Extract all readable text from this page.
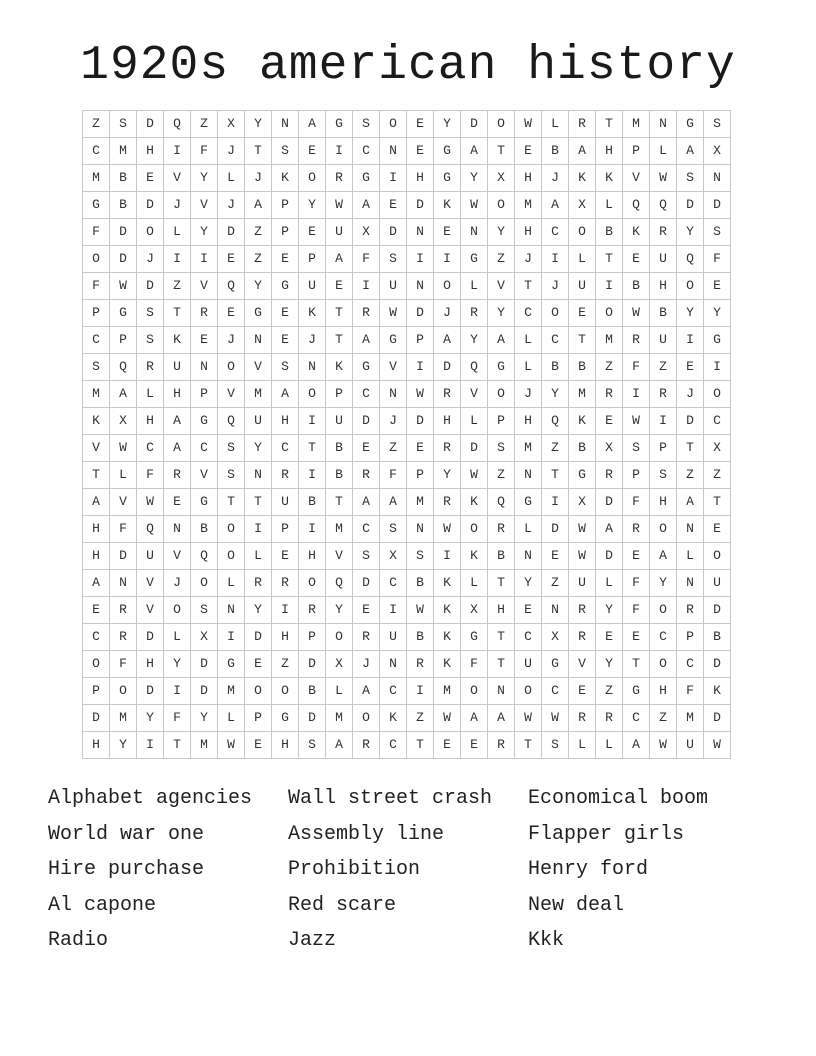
1920s american history
Z	S	D	Q	Z	X	Y	N	A	G	S	O	E	Y	D	O	W	L	R	T	M	N	G	S
C	M	H	I	F	J	T	S	E	I	C	N	E	G	A	T	E	B	A	H	P	L	A	X
M	B	E	V	Y	L	J	K	O	R	G	I	H	G	Y	X	H	J	K	K	V	W	S	N
G	B	D	J	V	J	A	P	Y	W	A	E	D	K	W	O	M	A	X	L	Q	Q	D	D
F	D	O	L	Y	D	Z	P	E	U	X	D	N	E	N	Y	H	C	O	B	K	R	Y	S
O	D	J	I	I	E	Z	E	P	A	F	S	I	I	G	Z	J	I	L	T	E	U	Q	F
F	W	D	Z	V	Q	Y	G	U	E	I	U	N	O	L	V	T	J	U	I	B	H	O	E
P	G	S	T	R	E	G	E	K	T	R	W	D	J	R	Y	C	O	E	O	W	B	Y	Y
C	P	S	K	E	J	N	E	J	T	A	G	P	A	Y	A	L	C	T	M	R	U	I	G
S	Q	R	U	N	O	V	S	N	K	G	V	I	D	Q	G	L	B	B	Z	F	Z	E	I
M	A	L	H	P	V	M	A	O	P	C	N	W	R	V	O	J	Y	M	R	I	R	J	O
K	X	H	A	G	Q	U	H	I	U	D	J	D	H	L	P	H	Q	K	E	W	I	D	C
V	W	C	A	C	S	Y	C	T	B	E	Z	E	R	D	S	M	Z	B	X	S	P	T	X
T	L	F	R	V	S	N	R	I	B	R	F	P	Y	W	Z	N	T	G	R	P	S	Z	Z
A	V	W	E	G	T	T	U	B	T	A	A	M	R	K	Q	G	I	X	D	F	H	A	T
H	F	Q	N	B	O	I	P	I	M	C	S	N	W	O	R	L	D	W	A	R	O	N	E
H	D	U	V	Q	O	L	E	H	V	S	X	S	I	K	B	N	E	W	D	E	A	L	O
A	N	V	J	O	L	R	R	O	Q	D	C	B	K	L	T	Y	Z	U	L	F	Y	N	U
E	R	V	O	S	N	Y	I	R	Y	E	I	W	K	X	H	E	N	R	Y	F	O	R	D
C	R	D	L	X	I	D	H	P	O	R	U	B	K	G	T	C	X	R	E	E	C	P	B
O	F	H	Y	D	G	E	Z	D	X	J	N	R	K	F	T	U	G	V	Y	T	O	C	D
P	O	D	I	D	M	O	O	B	L	A	C	I	M	O	N	O	C	E	Z	G	H	F	K
D	M	Y	F	Y	L	P	G	D	M	O	K	Z	W	A	A	W	W	R	R	C	Z	M	D
H	Y	I	T	M	W	E	H	S	A	R	C	T	E	E	R	T	S	L	L	A	W	U	W
Alphabet agencies	Wall street crash	Economical boom
World war one	Assembly line	Flapper girls
Hire purchase	Prohibition	Henry ford
Al capone	Red scare	New deal
Radio	Jazz	Kkk
